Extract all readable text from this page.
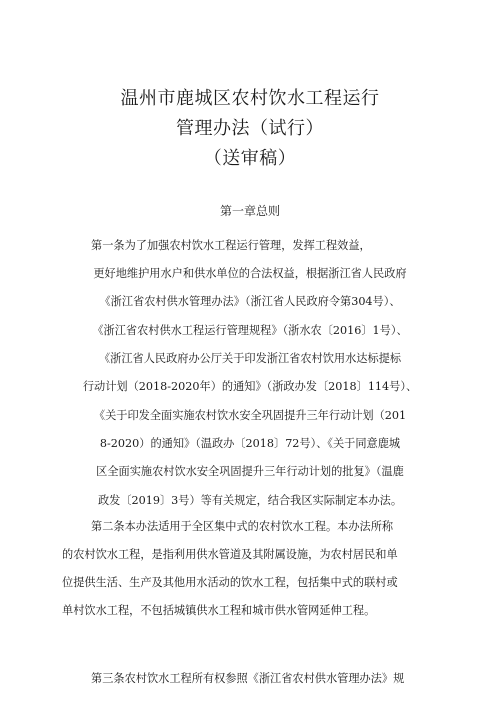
温州市鹿城区农村饮水工程运行
管理办法（试行）
（送审稿）
第一章总则
第一条为了加强农村饮水工程运行管理，发挥工程效益，
更好地维护用水户和供水单位的合法权益，根据浙江省人民政府
《浙江省农村供水管理办法》（浙江省人民政府令第304号）、
《浙江省农村供水工程运行管理规程》（浙水农〔2016〕1号）、
《浙江省人民政府办公厅关于印发浙江省农村饮用水达标提标
行动计划（2018-2020年）的通知》（浙政办发〔2018〕114号）、
《关于印发全面实施农村饮水安全巩固提升三年行动计划（201
8-2020）的通知》（温政办〔2018〕72号）、《关于同意鹿城
区全面实施农村饮水安全巩固提升三年行动计划的批复》（温鹿
政发〔2019〕3号）等有关规定，结合我区实际制定本办法。
第二条本办法适用于全区集中式的农村饮水工程。本办法所称
的农村饮水工程，是指利用供水管道及其附属设施，为农村居民和单
位提供生活、生产及其他用水活动的饮水工程，包括集中式的联村或
单村饮水工程，不包括城镇供水工程和城市供水管网延伸工程。
第三条农村饮水工程所有权参照《浙江省农村供水管理办法》规
